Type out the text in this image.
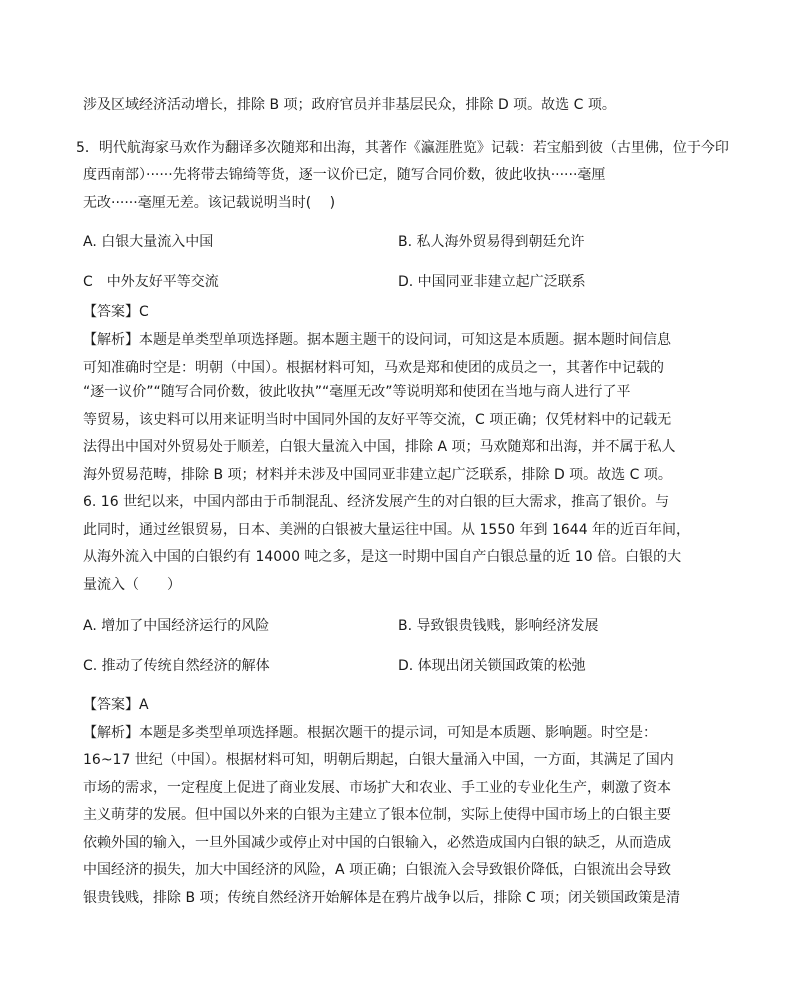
涉及区域经济活动增长，排除 B 项；政府官员并非基层民众，排除 D 项。故选 C 项。
5．明代航海家马欢作为翻译多次随郑和出海，其著作《瀛涯胜览》记载：若宝船到彼（古里佛，位于今印
度西南部）······先将带去锦绮等货，逐一议价已定，随写合同价数，彼此收执······毫厘
无改······毫厘无差。该记载说明当时(　 )
A. 白银大量流入中国	B. 私人海外贸易得到朝廷允许
C　中外友好平等交流	D. 中国同亚非建立起广泛联系
【答案】C
【解析】本题是单类型单项选择题。据本题主题干的设问词，可知这是本质题。据本题时间信息
可知准确时空是：明朝（中国）。根据材料可知，马欢是郑和使团的成员之一，其著作中记载的
“逐一议价”“随写合同价数，彼此收执”“毫厘无改”等说明郑和使团在当地与商人进行了平
等贸易，该史料可以用来证明当时中国同外国的友好平等交流，C 项正确；仅凭材料中的记载无
法得出中国对外贸易处于顺差，白银大量流入中国，排除 A 项；马欢随郑和出海，并不属于私人
海外贸易范畴，排除 B 项；材料并未涉及中国同亚非建立起广泛联系，排除 D 项。故选 C 项。
6. 16 世纪以来，中国内部由于币制混乱、经济发展产生的对白银的巨大需求，推高了银价。与
此同时，通过丝银贸易，日本、美洲的白银被大量运往中国。从 1550 年到 1644 年的近百年间，
从海外流入中国的白银约有 14000 吨之多，是这一时期中国自产白银总量的近 10 倍。白银的大
量流入（　　）
A. 增加了中国经济运行的风险	B. 导致银贵钱贱，影响经济发展
C. 推动了传统自然经济的解体	D. 体现出闭关锁国政策的松弛
【答案】A
【解析】本题是多类型单项选择题。根据次题干的提示词，可知是本质题、影响题。时空是：
16~17 世纪（中国）。根据材料可知，明朝后期起，白银大量涌入中国，一方面，其满足了国内
市场的需求，一定程度上促进了商业发展、市场扩大和农业、手工业的专业化生产，刺激了资本
主义萌芽的发展。但中国以外来的白银为主建立了银本位制，实际上使得中国市场上的白银主要
依赖外国的输入，一旦外国减少或停止对中国的白银输入，必然造成国内白银的缺乏，从而造成
中国经济的损失，加大中国经济的风险，A 项正确；白银流入会导致银价降低，白银流出会导致
银贵钱贱，排除 B 项；传统自然经济开始解体是在鸦片战争以后，排除 C 项；闭关锁国政策是清
